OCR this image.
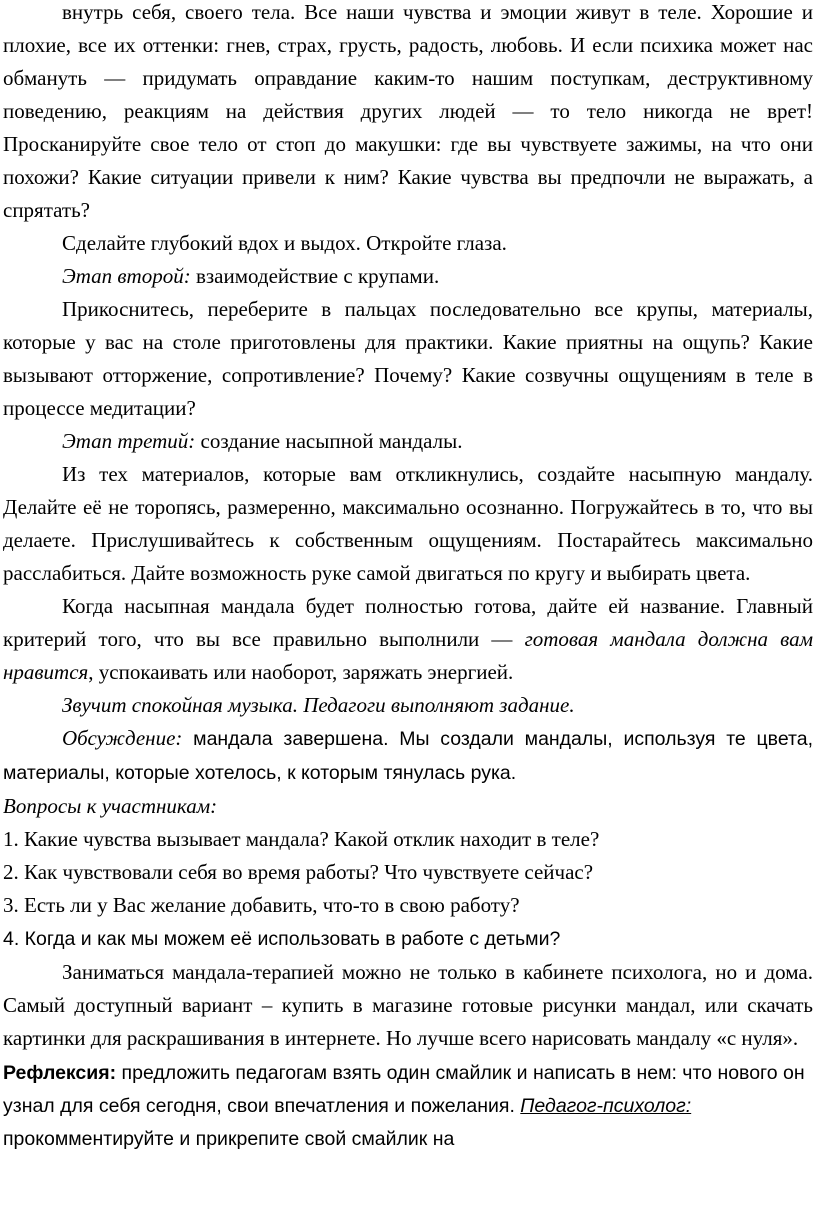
внутрь себя, своего тела. Все наши чувства и эмоции живут в теле. Хорошие и плохие, все их оттенки: гнев, страх, грусть, радость, любовь. И если психика может нас обмануть — придумать оправдание каким-то нашим поступкам, деструктивному поведению, реакциям на действия других людей — то тело никогда не врет! Просканируйте свое тело от стоп до макушки: где вы чувствуете зажимы, на что они похожи? Какие ситуации привели к ним? Какие чувства вы предпочли не выражать, а спрятать?

Сделайте глубокий вдох и выдох. Откройте глаза.

Этап второй: взаимодействие с крупами.

Прикоснитесь, переберите в пальцах последовательно все крупы, материалы, которые у вас на столе приготовлены для практики. Какие приятны на ощупь? Какие вызывают отторжение, сопротивление? Почему? Какие созвучны ощущениям в теле в процессе медитации?

Этап третий: создание насыпной мандалы.

Из тех материалов, которые вам откликнулись, создайте насыпную мандалу. Делайте её не торопясь, размеренно, максимально осознанно. Погружайтесь в то, что вы делаете. Прислушивайтесь к собственным ощущениям. Постарайтесь максимально расслабиться. Дайте возможность руке самой двигаться по кругу и выбирать цвета.

Когда насыпная мандала будет полностью готова, дайте ей название. Главный критерий того, что вы все правильно выполнили — готовая мандала должна вам нравится, успокаивать или наоборот, заряжать энергией.

Звучит спокойная музыка. Педагоги выполняют задание.

Обсуждение: мандала завершена. Мы создали мандалы, используя те цвета, материалы, которые хотелось, к которым тянулась рука.

Вопросы к участникам:

1. Какие чувства вызывает мандала? Какой отклик находит в теле?

2. Как чувствовали себя во время работы? Что чувствуете сейчас?

3. Есть ли у Вас желание добавить, что-то в свою работу?

4. Когда и как мы можем её использовать в работе с детьми?

Заниматься мандала-терапией можно не только в кабинете психолога, но и дома. Самый доступный вариант – купить в магазине готовые рисунки мандал, или скачать картинки для раскрашивания в интернете. Но лучше всего нарисовать мандалу «с нуля».

Рефлексия: предложить педагогам взять один смайлик и написать в нем: что нового он узнал для себя сегодня, свои впечатления и пожелания. Педагог-психолог: прокомментируйте и прикрепите свой смайлик на
